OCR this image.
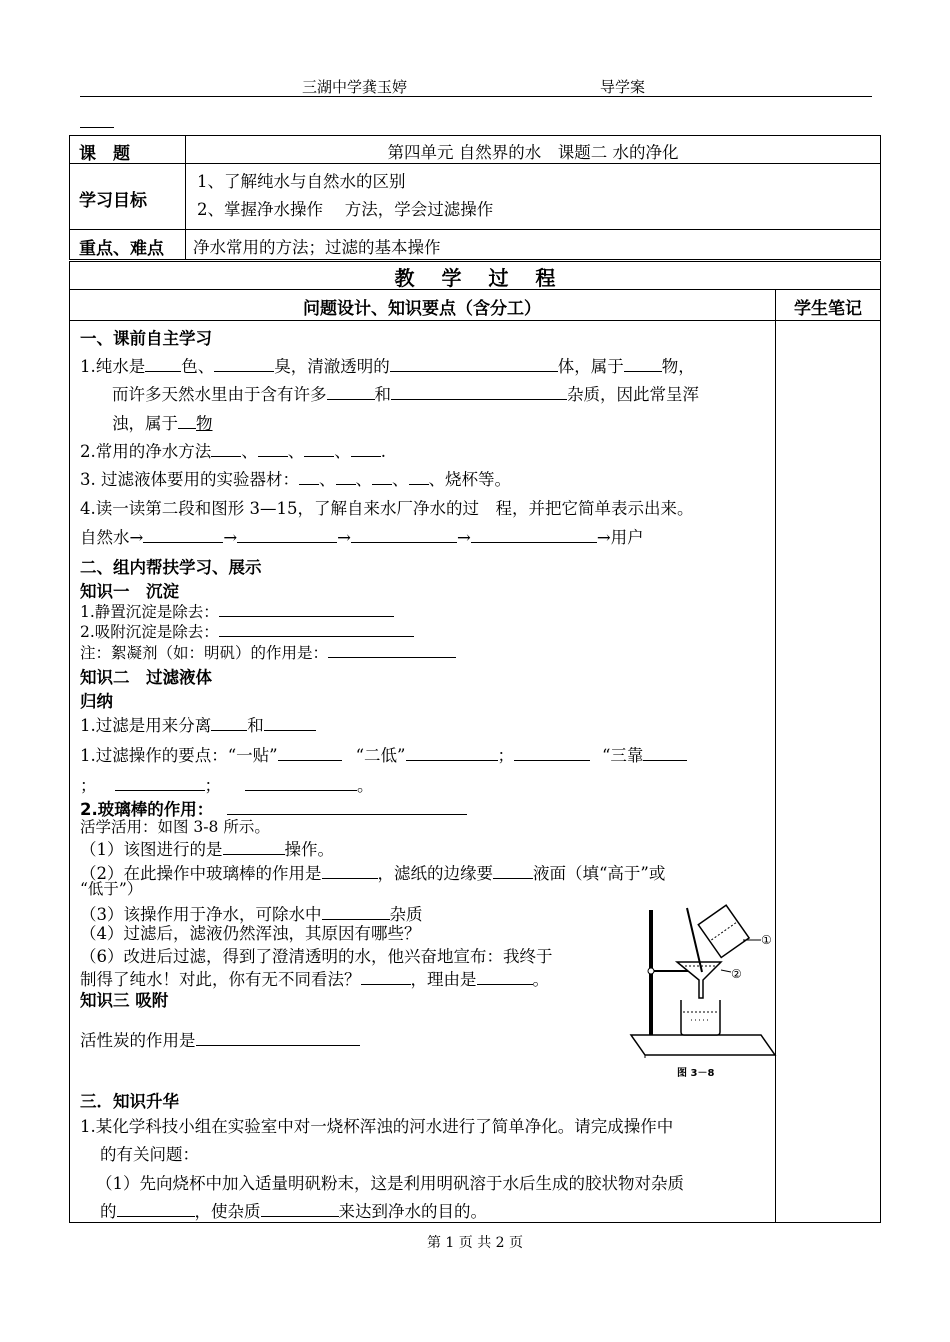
三湖中学龚玉婷	导学案
课　题	第四单元 自然界的水　课题二 水的净化
学习目标
1、了解纯水与自然水的区别
2、掌握净水操作　 方法，学会过滤操作
重点、难点 净水常用的方法；过滤的基本操作
教　 学　 过　 程
问题设计、知识要点（含分工）	学生笔记
一、课前自主学习
1.纯水是 色、	臭，清澈透明的	体，属于 物，
而许多天然水里由于含有许多	和	杂质，因此常呈浑
浊，属于 物
2.常用的净水方法 、 、 、 .
3. 过滤液体要用的实验器材： 、 、 、 、烧杯等。
4.读一读第二段和图形 3—15，了解自来水厂净水的过　程，并把它简单表示出来。
自然水→	→	→	→	→用户
二、组内帮扶学习、展示
知识一　沉淀
1.静置沉淀是除去：
2.吸附沉淀是除去：
注：絮凝剂（如：明矾）的作用是：
知识二　过滤液体
归纳
1.过滤是用来分离 和
1.过滤操作的要点：“一贴”	“二低”	；	“三靠
；	；	。
2.玻璃棒的作用：
活学活用：如图 3-8 所示。
（1）该图进行的是	操作。
（2）在此操作中玻璃棒的作用是	，滤纸的边缘要 液面（填“高于”或
“低于”）
（3）该操作用于净水，可除水中	杂质
（4）过滤后，滤液仍然浑浊，其原因有哪些？
（6）改进后过滤，得到了澄清透明的水，他兴奋地宣布：我终于
制得了纯水！对此，你有无不同看法？	，理由是	。
知识三 吸附
活性炭的作用是
①
②
图 3－8
三．知识升华
1.某化学科技小组在实验室中对一烧杯浑浊的河水进行了简单净化。请完成操作中
的有关问题：
（1）先向烧杯中加入适量明矾粉末，这是利用明矾溶于水后生成的胶状物对杂质
的	，使杂质	来达到净水的目的。
第 1 页 共 2 页
